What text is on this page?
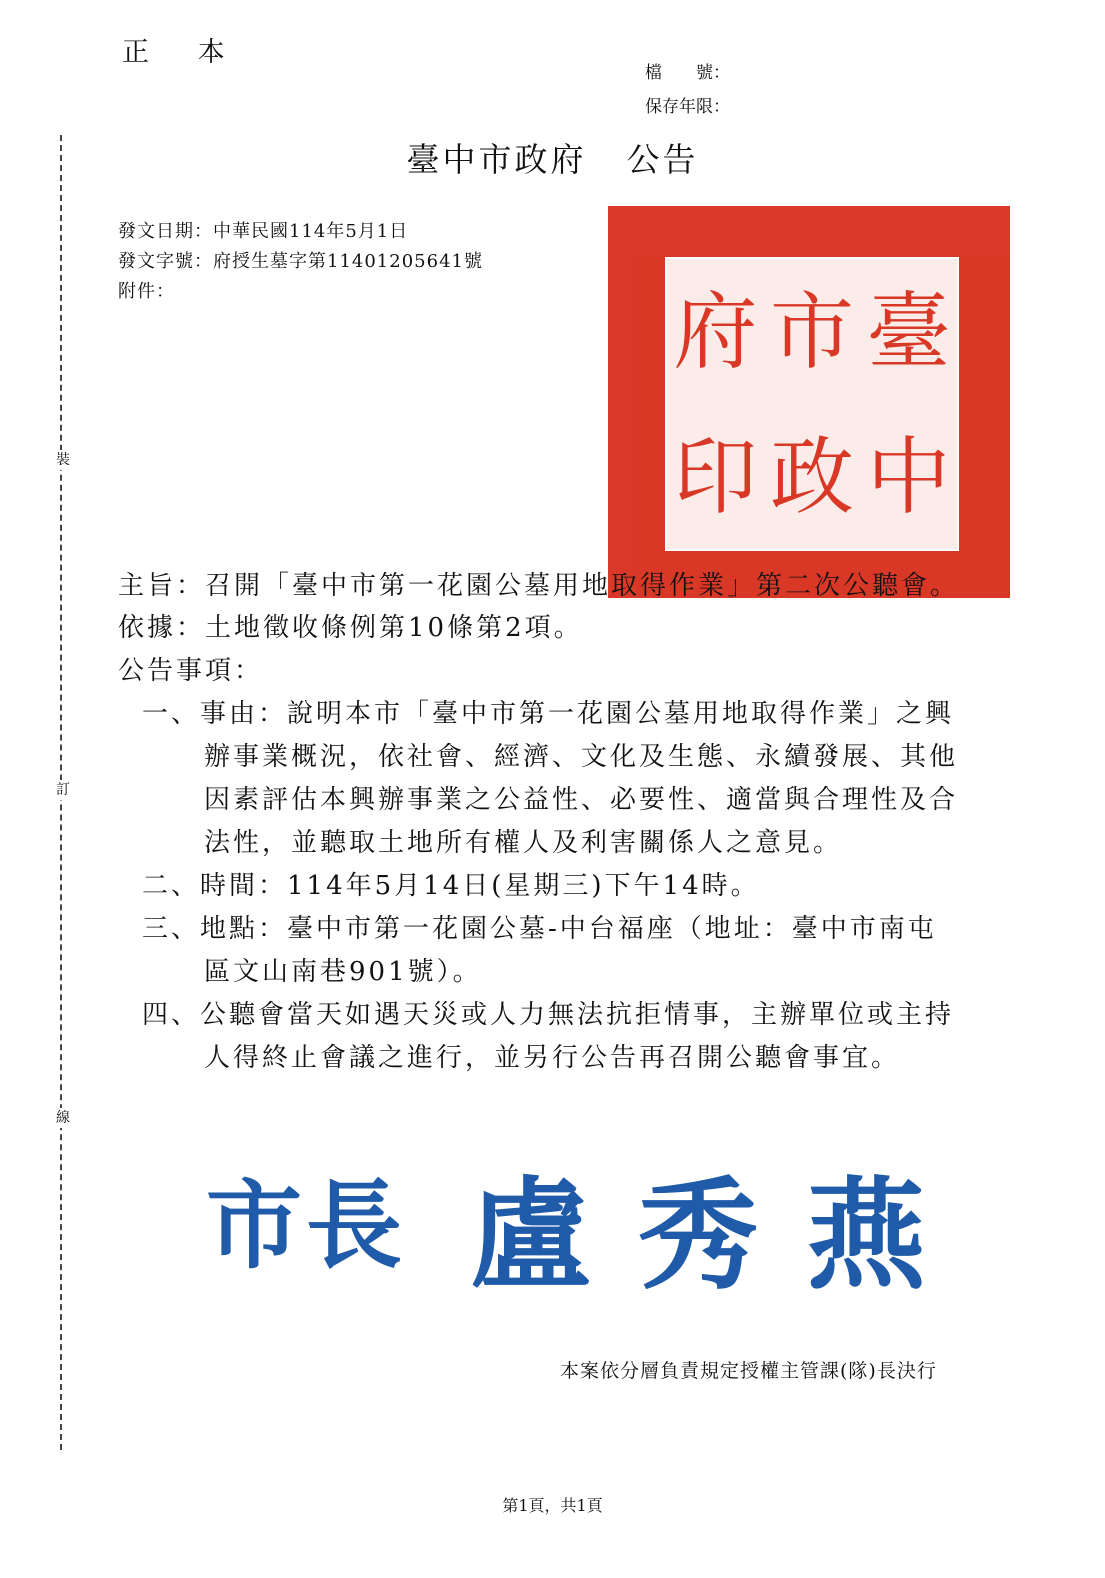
正 本
檔　　號：
保存年限：
裝
訂
線
臺中市政府 公告
發文日期：中華民國114年5月1日
發文字號：府授生墓字第11401205641號
附件：	臺
中
市
政
府
印
主旨：召開「臺中市第一花園公墓用地取得作業」第二次公聽會。
依據：土地徵收條例第10條第2項。
公告事項：
一、事由：說明本市「臺中市第一花園公墓用地取得作業」之興
辦事業概況，依社會、經濟、文化及生態、永續發展、其他
因素評估本興辦事業之公益性、必要性、適當與合理性及合
法性，並聽取土地所有權人及利害關係人之意見。
二、時間：114年5月14日(星期三)下午14時。
三、地點：臺中市第一花園公墓-中台福座（地址：臺中市南屯
區文山南巷901號）。
四、公聽會當天如遇天災或人力無法抗拒情事，主辦單位或主持
人得終止會議之進行，並另行公告再召開公聽會事宜。
市長 盧秀燕
本案依分層負責規定授權主管課(隊)長決行
第1頁，共1頁
